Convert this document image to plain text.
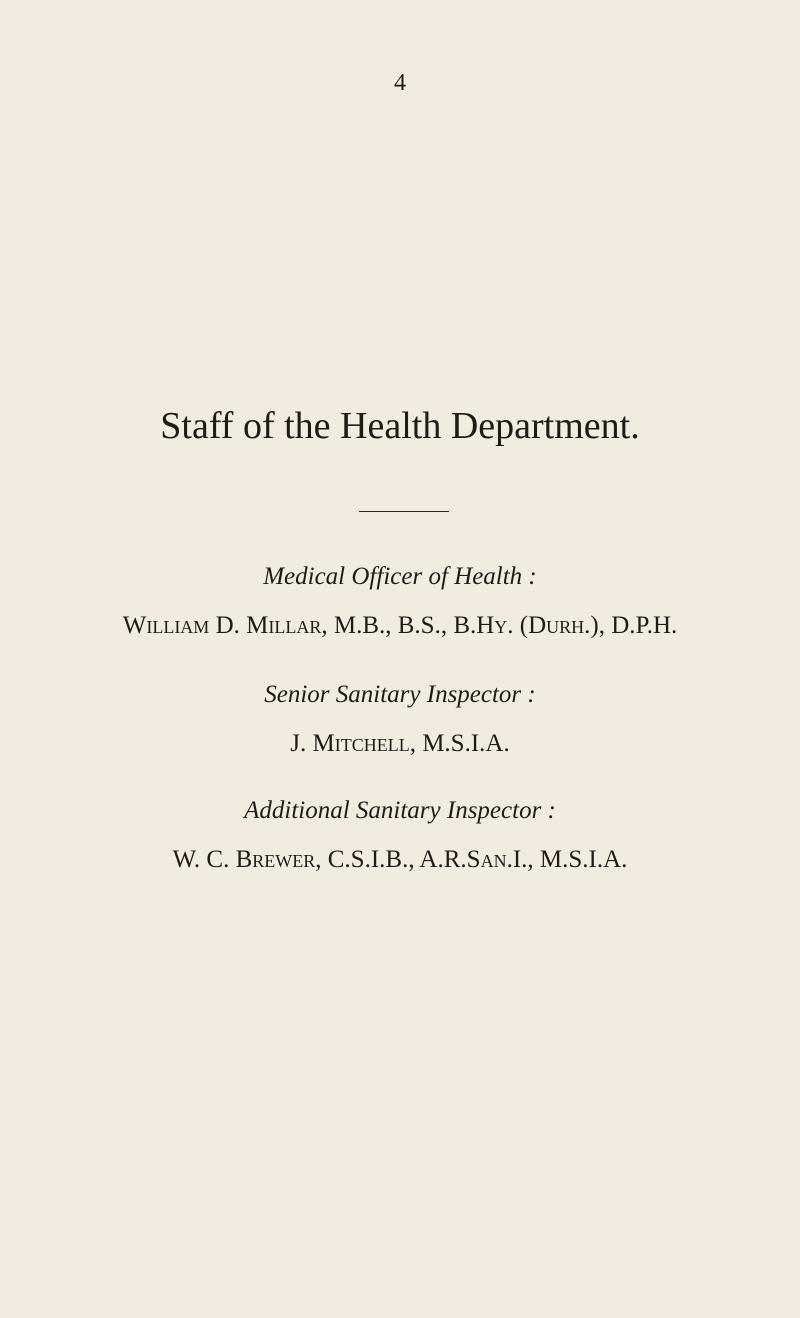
4
Staff of the Health Department.
Medical Officer of Health :
William D. Millar, M.B., B.S., B.Hy. (Durh.), D.P.H.
Senior Sanitary Inspector :
J. Mitchell, M.S.I.A.
Additional Sanitary Inspector :
W. C. Brewer, C.S.I.B., A.R.San.I., M.S.I.A.
